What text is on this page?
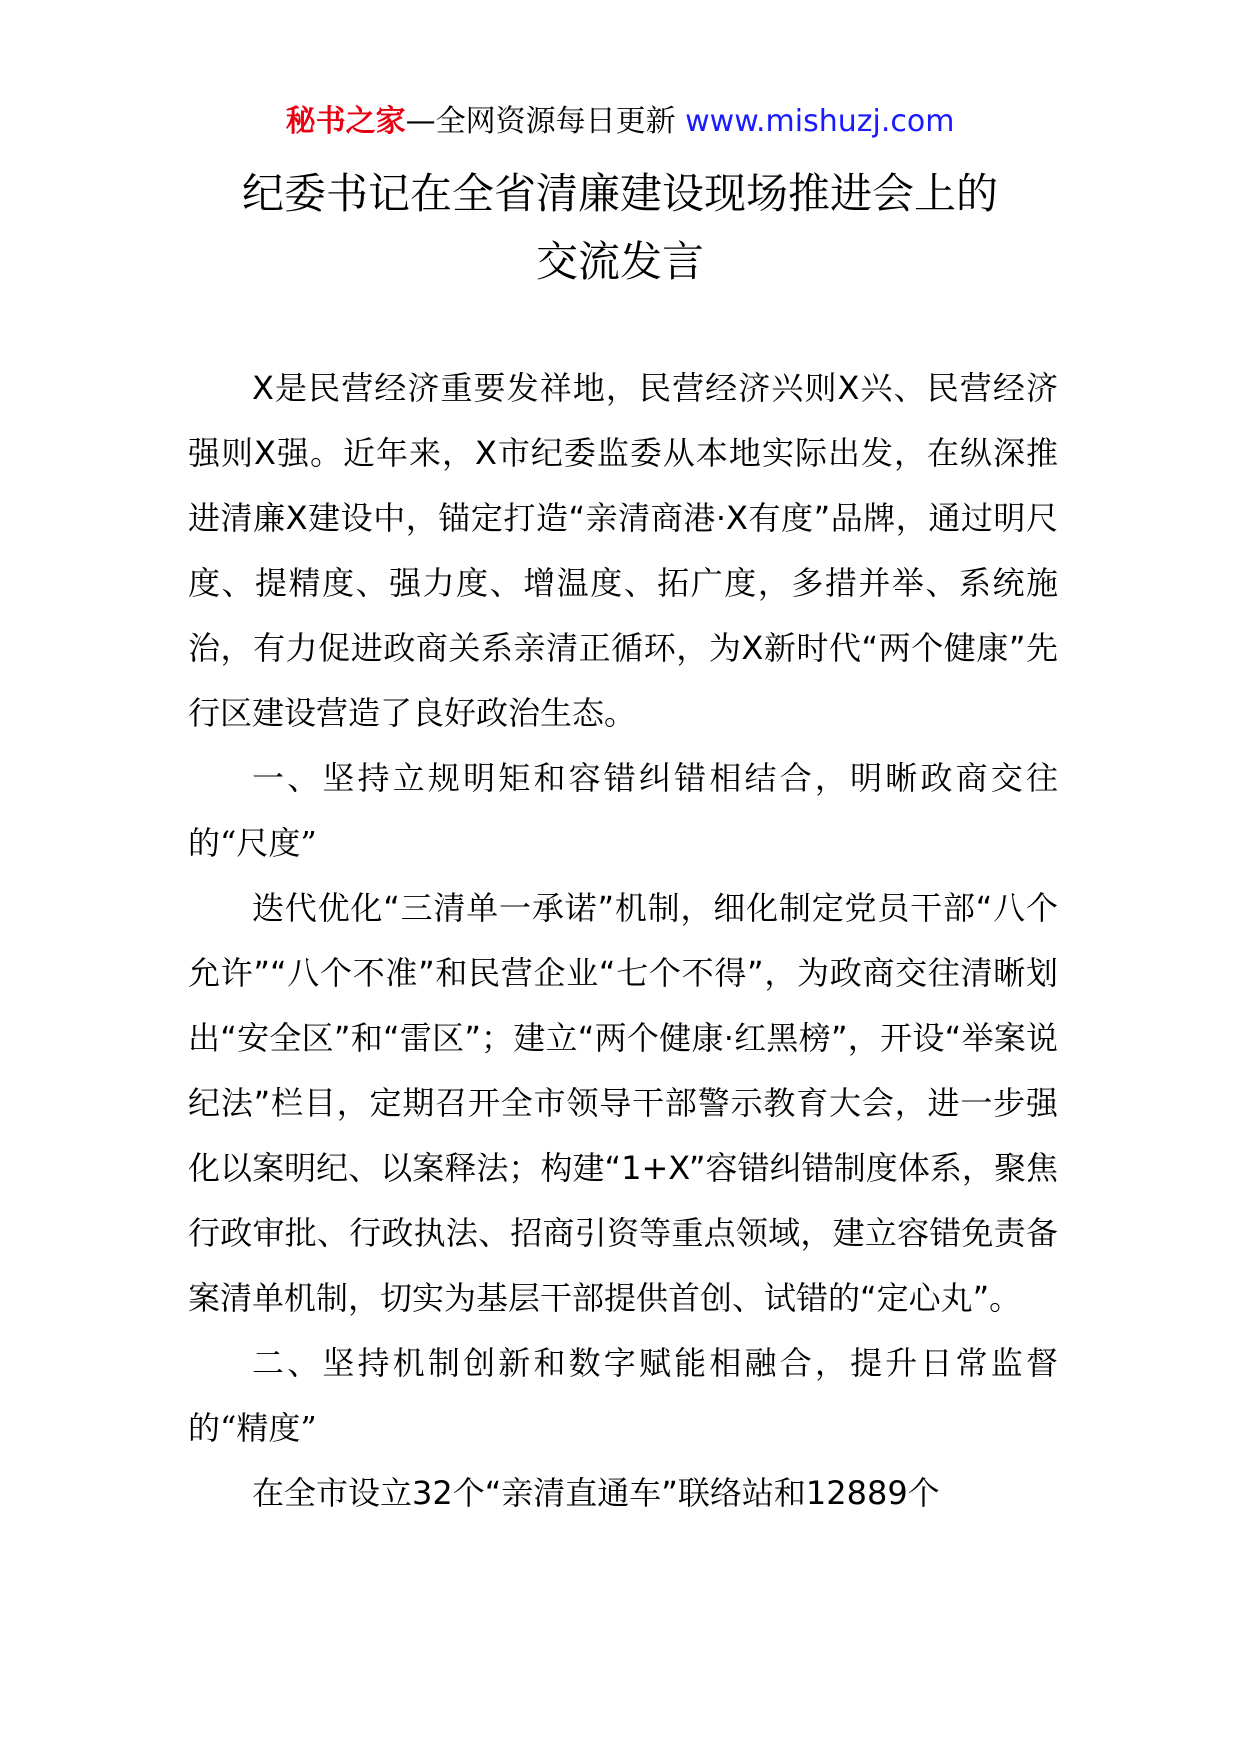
秘书之家—全网资源每日更新 www.mishuzj.com
纪委书记在全省清廉建设现场推进会上的
交流发言

X是民营经济重要发祥地，民营经济兴则X兴、民营经济强则X强。近年来，X市纪委监委从本地实际出发，在纵深推进清廉X建设中，锚定打造“亲清商港·X有度”品牌，通过明尺度、提精度、强力度、增温度、拓广度，多措并举、系统施治，有力促进政商关系亲清正循环，为X新时代“两个健康”先行区建设营造了良好政治生态。

一、坚持立规明矩和容错纠错相结合，明晰政商交往的“尺度”

迭代优化“三清单一承诺”机制，细化制定党员干部“八个允许”“八个不准”和民营企业“七个不得”，为政商交往清晰划出“安全区”和“雷区”；建立“两个健康·红黑榜”，开设“举案说纪法”栏目，定期召开全市领导干部警示教育大会，进一步强化以案明纪、以案释法；构建“1+X”容错纠错制度体系，聚焦行政审批、行政执法、招商引资等重点领域，建立容错免责备案清单机制，切实为基层干部提供首创、试错的“定心丸”。

二、坚持机制创新和数字赋能相融合，提升日常监督的“精度”

在全市设立32个“亲清直通车”联络站和12889个
